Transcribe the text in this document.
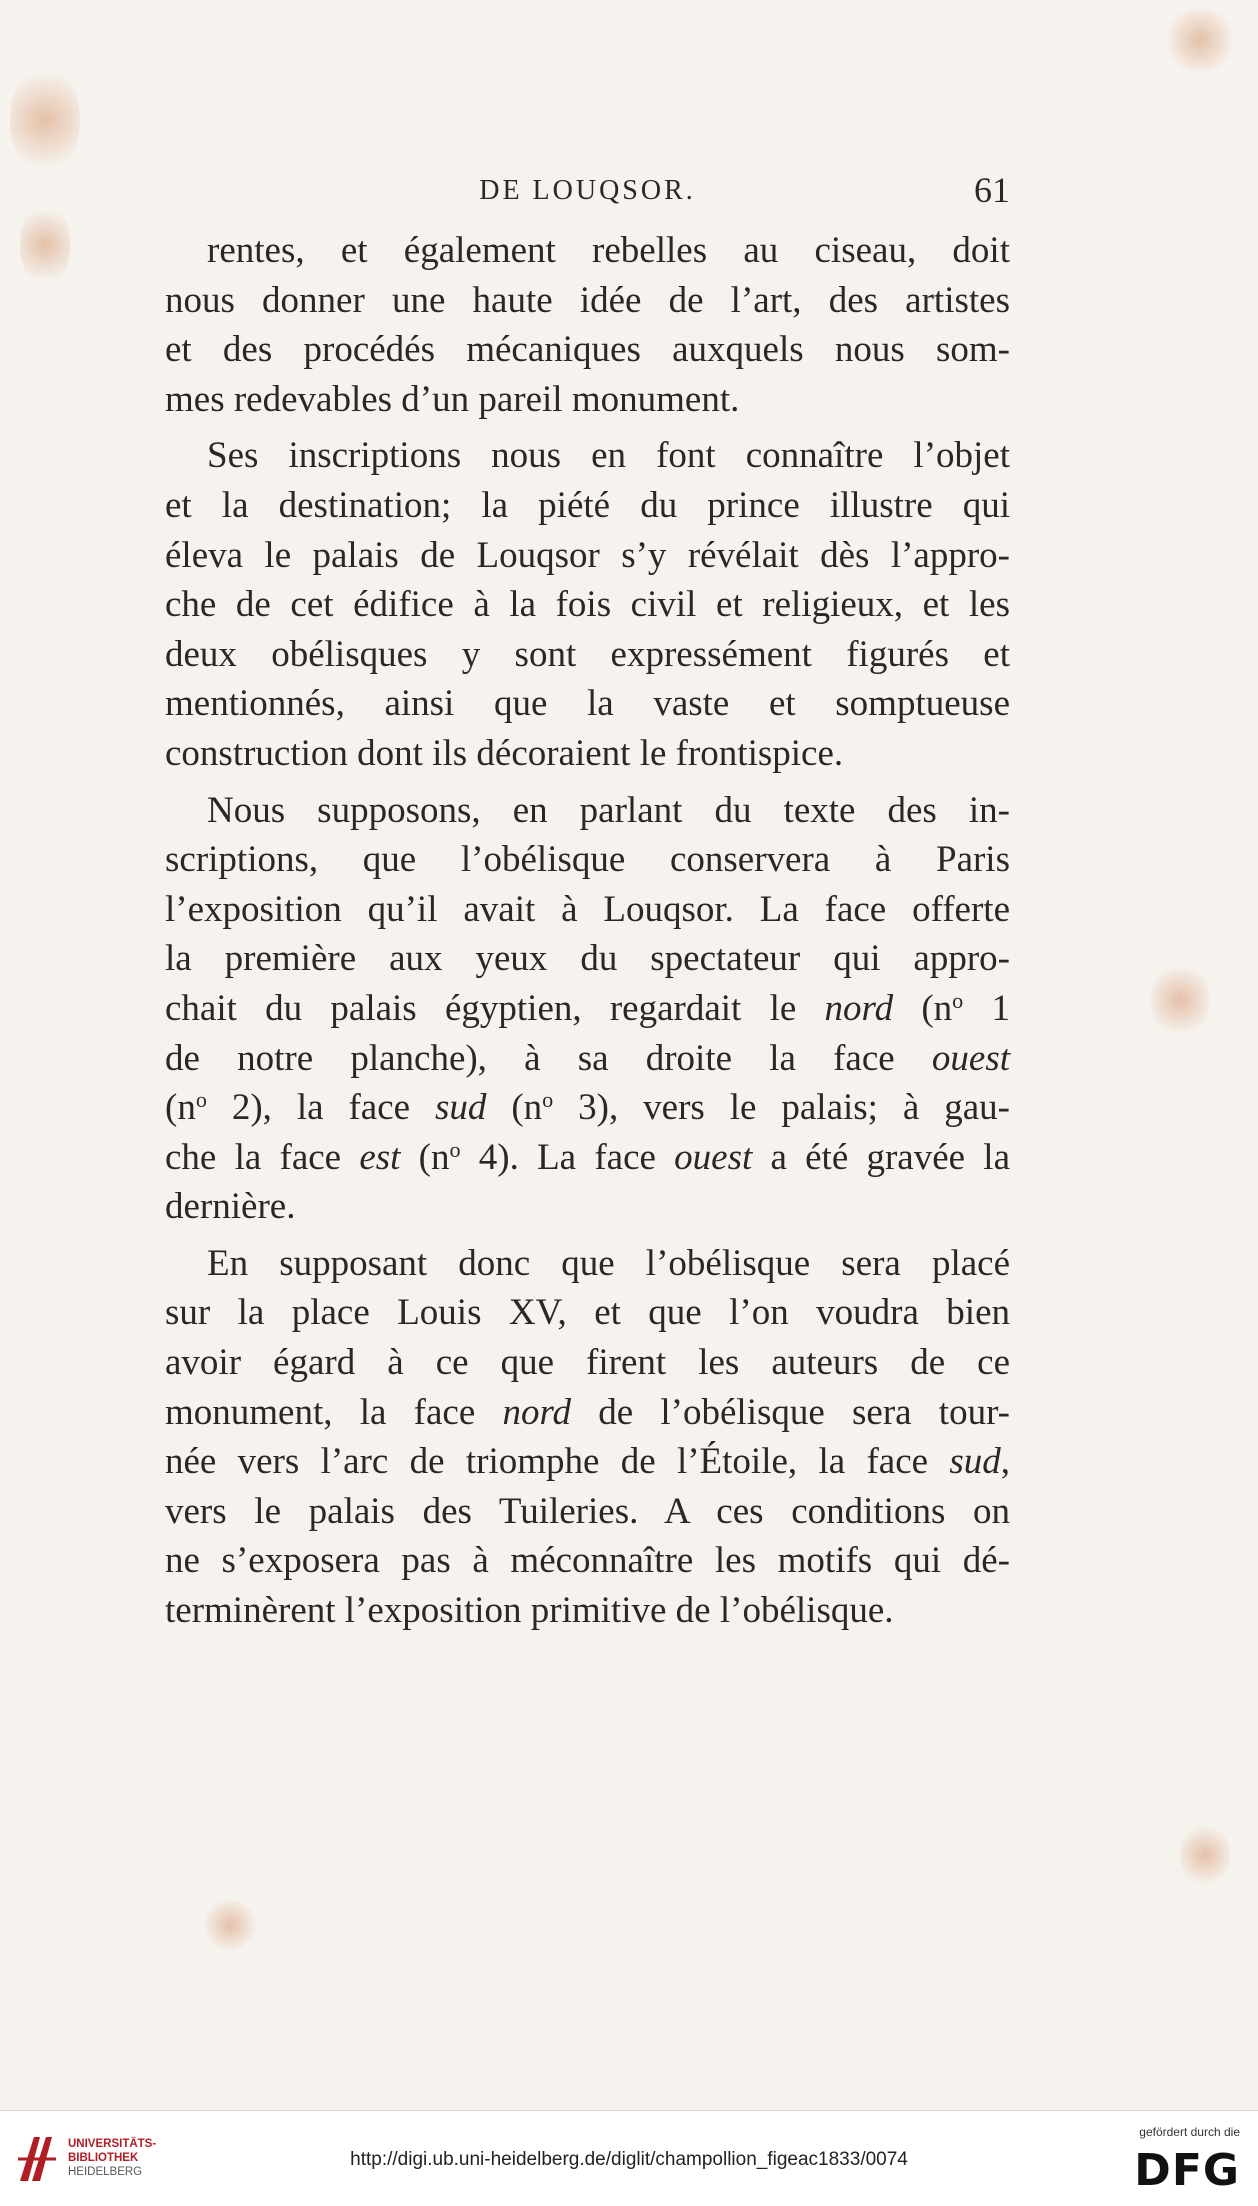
DE LOUQSOR.	61
rentes, et également rebelles au ciseau, doit
nous donner une haute idée de l’art, des artistes
et des procédés mécaniques auxquels nous som-
mes redevables d’un pareil monument.
Ses inscriptions nous en font connaître l’objet
et la destination; la piété du prince illustre qui
éleva le palais de Louqsor s’y révélait dès l’appro-
che de cet édifice à la fois civil et religieux, et les
deux obélisques y sont expressément figurés et
mentionnés, ainsi que la vaste et somptueuse
construction dont ils décoraient le frontispice.
Nous supposons, en parlant du texte des in-
scriptions, que l’obélisque conservera à Paris
l’exposition qu’il avait à Louqsor. La face offerte
la première aux yeux du spectateur qui appro-
chait du palais égyptien, regardait le nord ($n^o$ 1
de notre planche), à sa droite la face ouest
($n^o$ 2), la face sud ($n^o$ 3), vers le palais; à gau-
che la face est ($n^o$ 4). La face ouest a été gravée la
dernière.
En supposant donc que l’obélisque sera placé
sur la place Louis XV, et que l’on voudra bien
avoir égard à ce que firent les auteurs de ce
monument, la face nord de l’obélisque sera tour-
née vers l’arc de triomphe de l’Étoile, la face sud,
vers le palais des Tuileries. A ces conditions on
ne s’exposera pas à méconnaître les motifs qui dé-
terminèrent l’exposition primitive de l’obélisque.
UNIVERSITÄTS-
BIBLIOTHEK
HEIDELBERG
http://digi.ub.uni-heidelberg.de/diglit/champollion_figeac1833/0074
gefördert durch die
DFG
